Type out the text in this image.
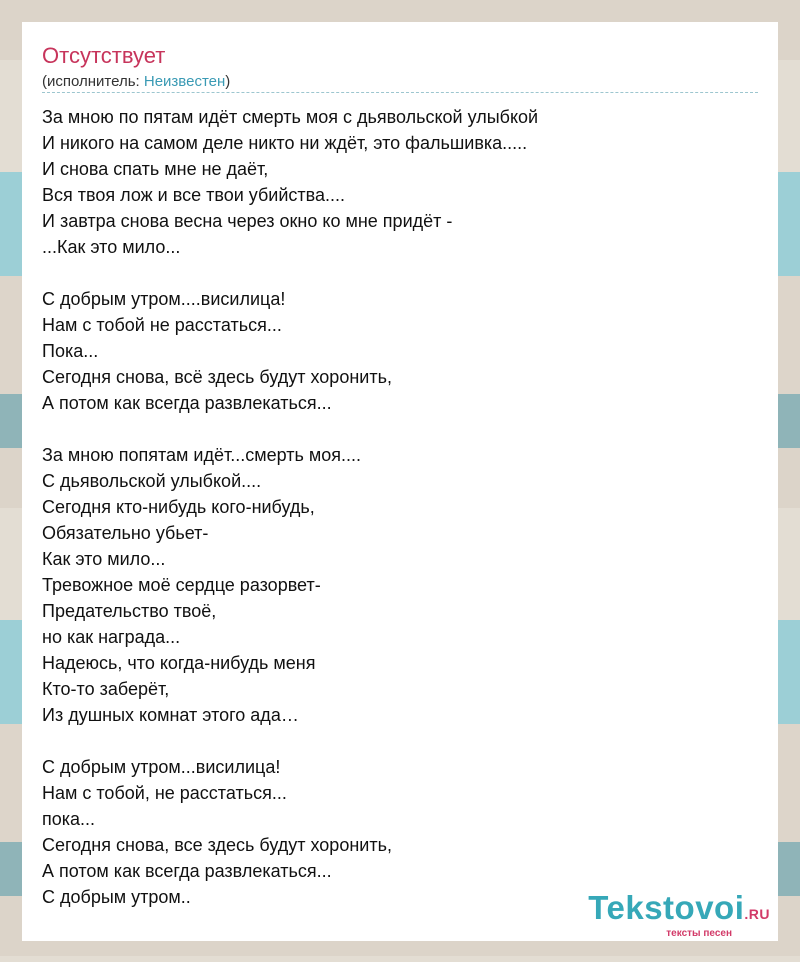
Отсутствует
(исполнитель: Неизвестен)
За мною по пятам идёт смерть моя с дьявольской улыбкой
И никого на самом деле никто ни ждёт, это фальшивка.....
И снова спать мне не даёт,
Вся твоя лож и все твои убийства....
И завтра снова весна через окно ко мне придёт -
...Как это мило...
С добрым утром....висилица!
Нам с тобой не расстаться...
Пока...
Сегодня снова, всё здесь будут хоронить,
А потом как всегда развлекаться...
За мною попятам идёт...смерть моя....
С дьявольской улыбкой....
Сегодня кто-нибудь кого-нибудь,
Обязательно убьет-
Как это мило...
Тревожное моё сердце разорвет-
Предательство твоё,
но как награда...
Надеюсь, что когда-нибудь меня
Кто-то заберёт,
Из душных комнат этого ада…
С добрым утром...висилица!
Нам с тобой, не расстаться...
пока...
Сегодня снова, все здесь будут хоронить,
А потом как всегда развлекаться...
С добрым утром..	Tekstovoi.RU
тексты песен
